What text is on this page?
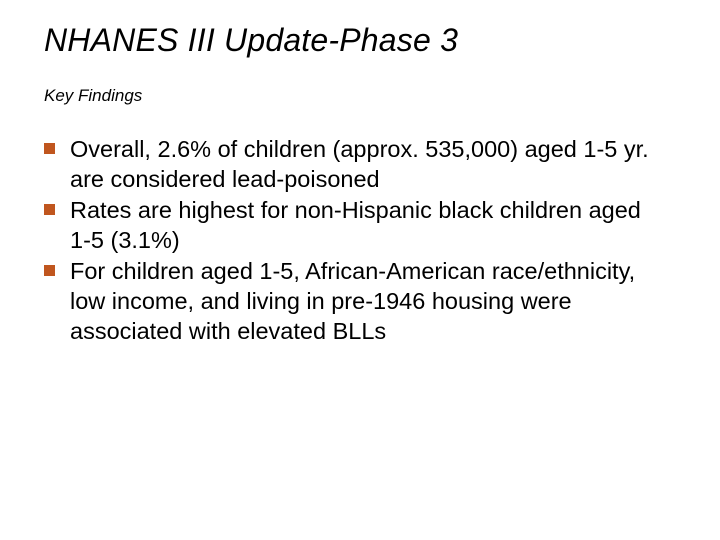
NHANES III Update-Phase 3

Key Findings

Overall, 2.6% of children (approx. 535,000) aged 1-5 yr. are considered lead-poisoned
Rates are highest for non-Hispanic black children aged 1-5 (3.1%)
For children aged 1-5, African-American race/ethnicity, low income, and living in pre-1946 housing were associated with elevated BLLs
